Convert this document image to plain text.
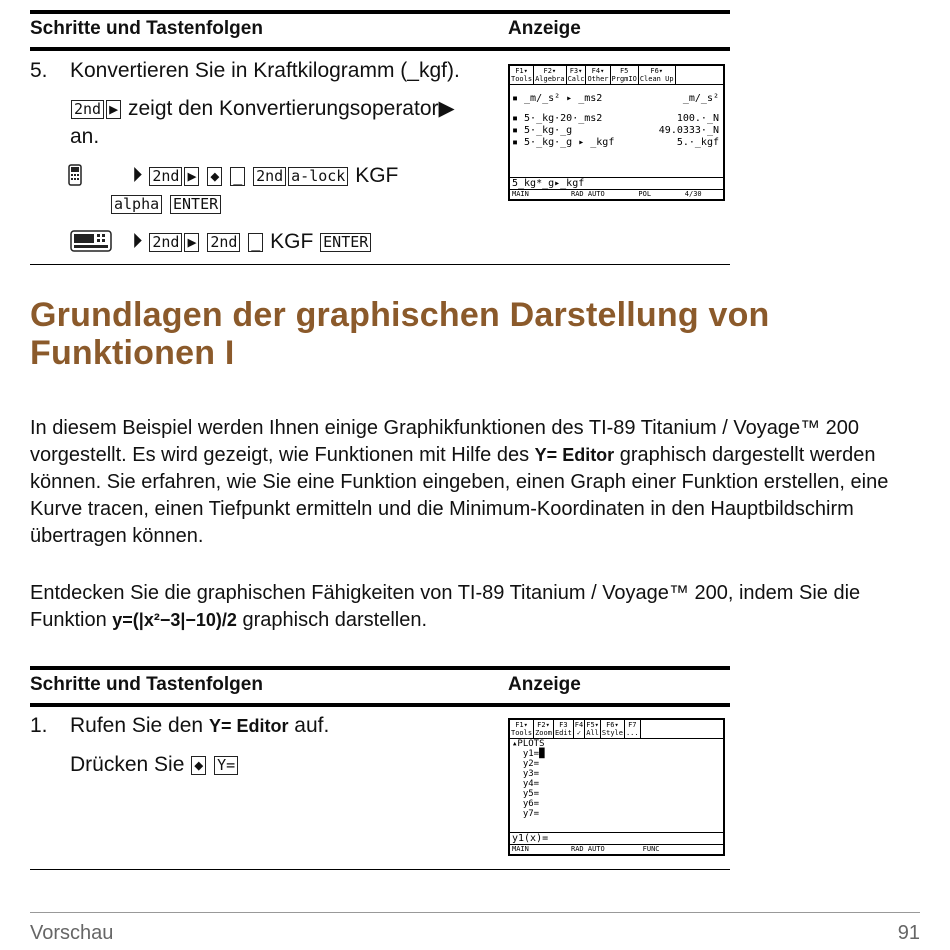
Schritte und Tastenfolgen	Anzeige
5. Konvertieren Sie in Kraftkilogramm (_kgf).
2nd ▶ zeigt den Konvertierungsoperator▶
an.
⏵ 2nd ▶ ◆ _ 2nd a-lock KGF
alpha ENTER
⏵ 2nd ▶ 2nd _ KGF ENTER
F1▾
Tools
F2▾
Algebra
F3▾
Calc
F4▾
Other
F5
PrgmIO
F6▾
Clean Up
▪ _m/_s² ▸ _ms2	_m/_s²
▪ 5·_kg·20·_ms2	100.·_N
▪ 5·_kg·_g	49.0333·_N
▪ 5·_kg·_g ▸ _kgf	5.·_kgf
5_kg*_g▸_kgf
MAIN          RAD AUTO        POL        4/30
Grundlagen der graphischen Darstellung von Funktionen I
In diesem Beispiel werden Ihnen einige Graphikfunktionen des TI-89 Titanium / Voyage™ 200 vorgestellt. Es wird gezeigt, wie Funktionen mit Hilfe des Y= Editor graphisch dargestellt werden können. Sie erfahren, wie Sie eine Funktion eingeben, einen Graph einer Funktion erstellen, eine Kurve tracen, einen Tiefpunkt ermitteln und die Minimum-Koordinaten in den Hauptbildschirm übertragen können.
Entdecken Sie die graphischen Fähigkeiten von TI-89 Titanium / Voyage™ 200, indem Sie die Funktion y=(|x²−3|−10)/2 graphisch darstellen.
Schritte und Tastenfolgen	Anzeige
1. Rufen Sie den Y= Editor auf.
Drücken Sie ◆ Y=
F1▾
Tools
F2▾
Zoom
F3
Edit
F4
✓
F5▾
All
F6▾
Style
F7
...
▴PLOTS
y1=█
y2=
y3=
y4=
y5=
y6=
y7=
y1(x)=
MAIN          RAD AUTO         FUNC
Vorschau	91
